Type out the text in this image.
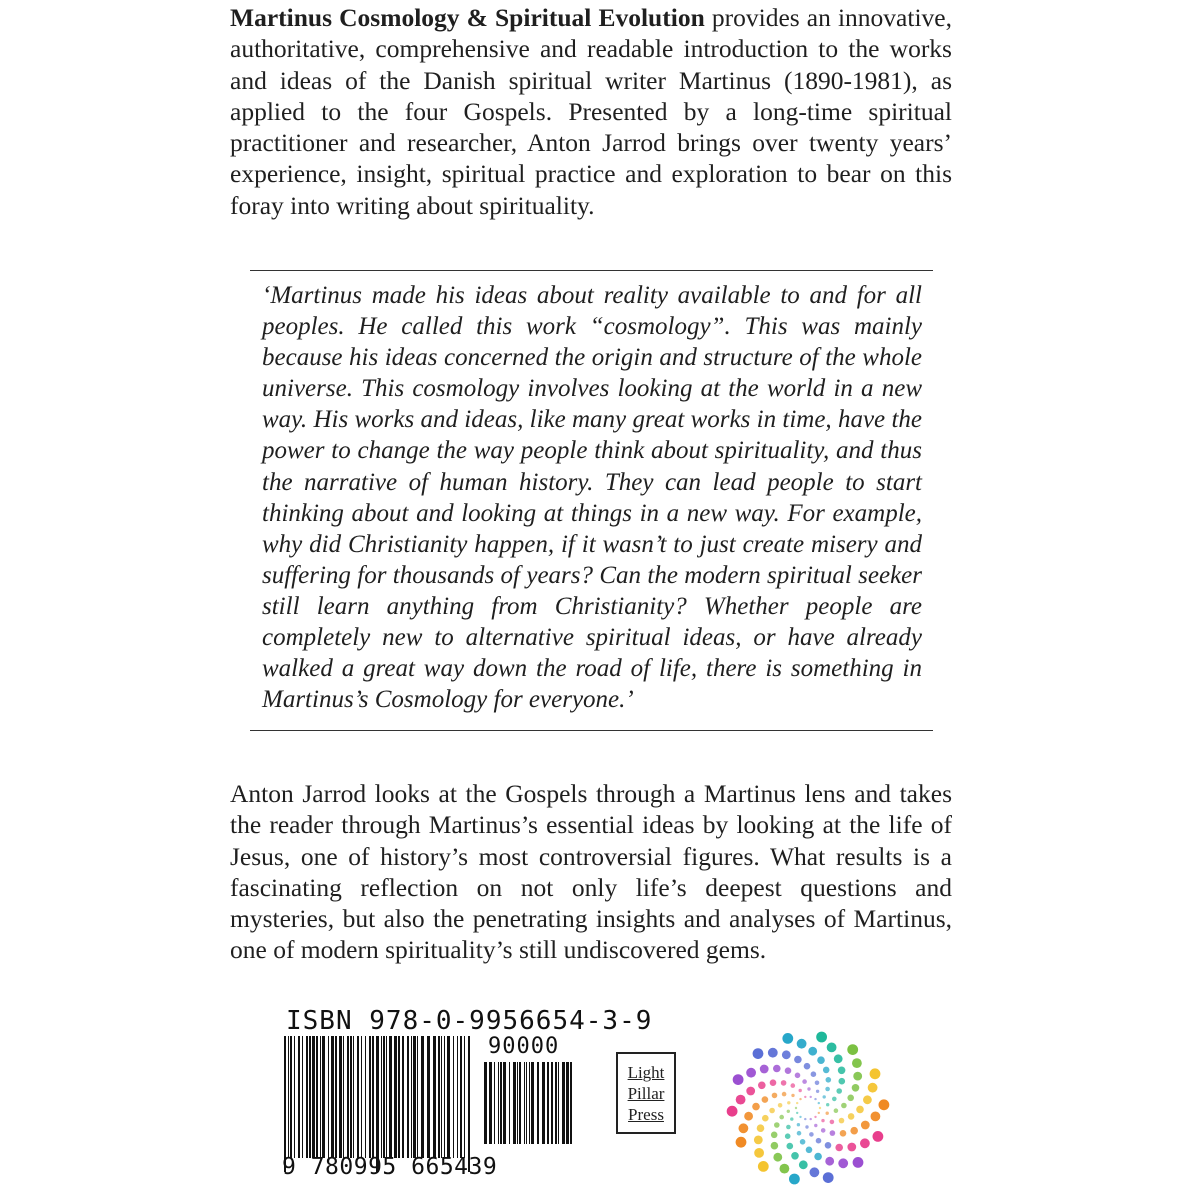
Martinus Cosmology & Spiritual Evolution provides an innovative, authoritative, comprehensive and readable introduction to the works and ideas of the Danish spiritual writer Martinus (1890-1981), as applied to the four Gospels. Presented by a long-time spiritual practitioner and researcher, Anton Jarrod brings over twenty years’ experience, insight, spiritual practice and exploration to bear on this foray into writing about spirituality.

‘Martinus made his ideas about reality available to and for all peoples. He called this work “cosmology”. This was mainly because his ideas concerned the origin and structure of the whole universe. This cosmology involves looking at the world in a new way. His works and ideas, like many great works in time, have the power to change the way people think about spirituality, and thus the narrative of human history. They can lead people to start thinking about and looking at things in a new way. For example, why did Christianity happen, if it wasn’t to just create misery and suffering for thousands of years? Can the modern spiritual seeker still learn anything from Christianity? Whether people are completely new to alternative spiritual ideas, or have already walked a great way down the road of life, there is something in Martinus’s Cosmology for everyone.’

Anton Jarrod looks at the Gospels through a Martinus lens and takes the reader through Martinus’s essential ideas by looking at the life of Jesus, one of history’s most controversial figures. What results is a fascinating reflection on not only life’s deepest questions and mysteries, but also the penetrating insights and analyses of Martinus, one of modern spirituality’s still undiscovered gems.

ISBN 978-0-9956654-3-9
90000
9 780995 665439
Light
Pillar
Press
